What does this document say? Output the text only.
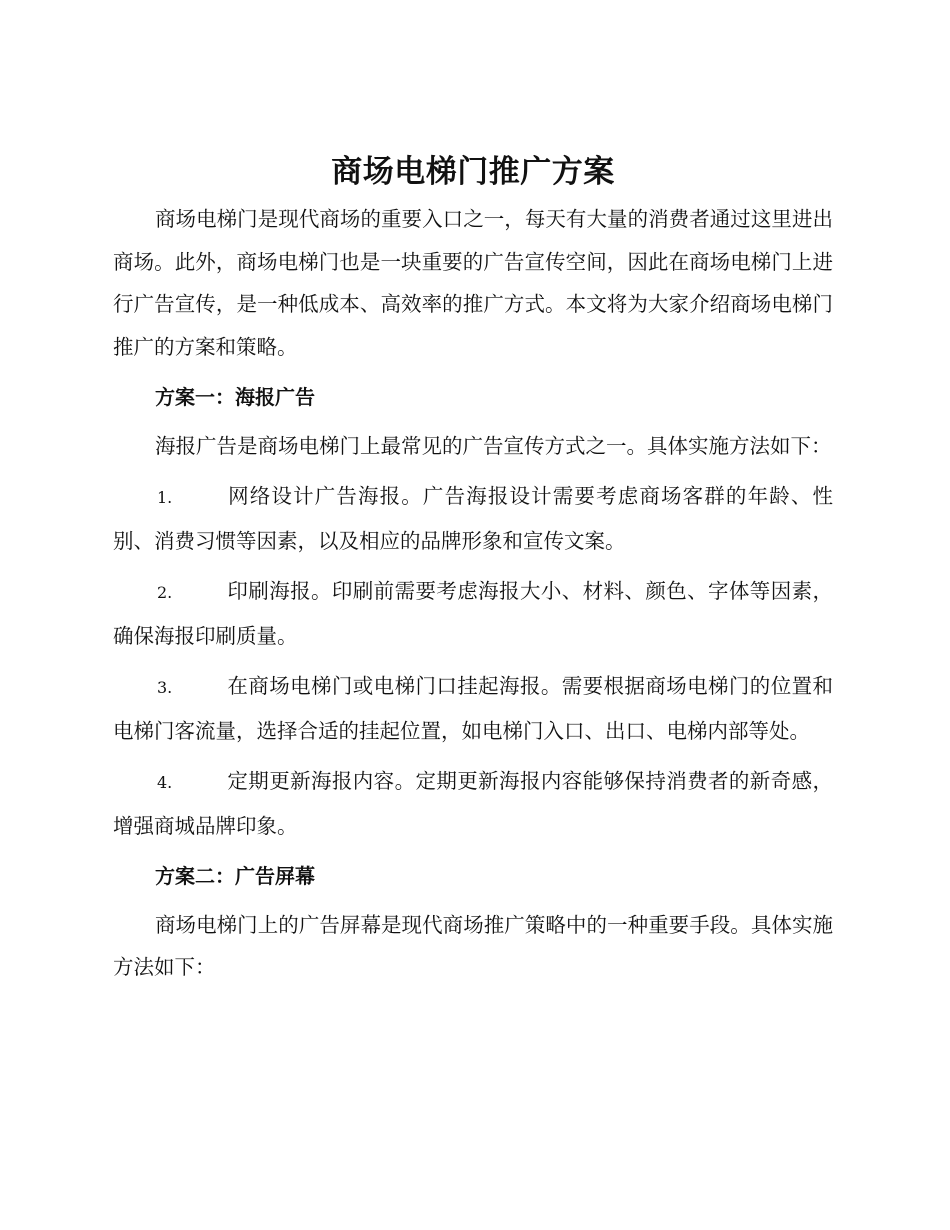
商场电梯门推广方案

商场电梯门是现代商场的重要入口之一，每天有大量的消费者通过这里进出商场。此外，商场电梯门也是一块重要的广告宣传空间，因此在商场电梯门上进行广告宣传，是一种低成本、高效率的推广方式。本文将为大家介绍商场电梯门推广的方案和策略。

方案一：海报广告

海报广告是商场电梯门上最常见的广告宣传方式之一。具体实施方法如下：

1.	网络设计广告海报。广告海报设计需要考虑商场客群的年龄、性别、消费习惯等因素，以及相应的品牌形象和宣传文案。
2.	印刷海报。印刷前需要考虑海报大小、材料、颜色、字体等因素，确保海报印刷质量。
3.	在商场电梯门或电梯门口挂起海报。需要根据商场电梯门的位置和电梯门客流量，选择合适的挂起位置，如电梯门入口、出口、电梯内部等处。
4.	定期更新海报内容。定期更新海报内容能够保持消费者的新奇感，增强商城品牌印象。
方案二：广告屏幕

商场电梯门上的广告屏幕是现代商场推广策略中的一种重要手段。具体实施方法如下：
